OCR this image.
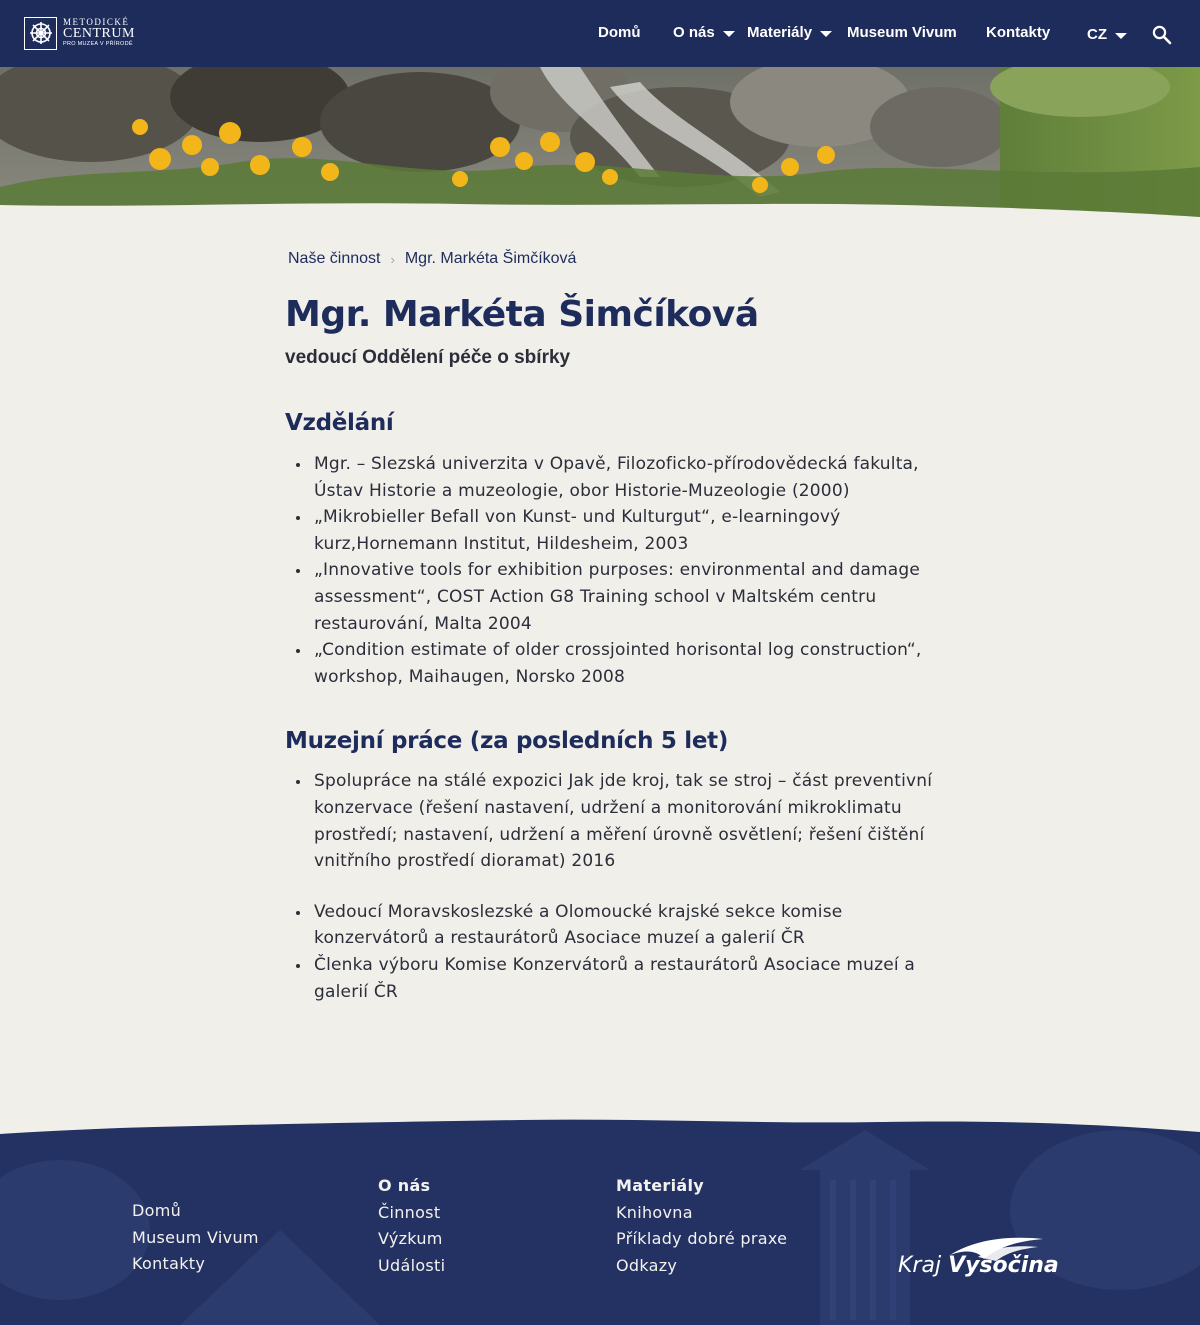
METODICKÉ
CENTRUM
PRO MUZEA V PŘÍRODĚ
Domů O nás Materiály Museum Vivum Kontakty CZ
Naše činnost › Mgr. Markéta Šimčíková
Mgr. Markéta Šimčíková

vedoucí Oddělení péče o sbírky

Vzdělání
Mgr. – Slezská univerzita v Opavě, Filozoficko-přírodovědecká fakulta, Ústav Historie a muzeologie, obor Historie-Muzeologie (2000)
„Mikrobieller Befall von Kunst- und Kulturgut“, e-learningový kurz,Hornemann Institut, Hildesheim, 2003
„Innovative tools for exhibition purposes: environmental and damage assessment“, COST Action G8 Training school v Maltském centru restaurování, Malta 2004
„Condition estimate of older crossjointed horisontal log construction“, workshop, Maihaugen, Norsko 2008
Muzejní práce (za posledních 5 let)
Spolupráce na stálé expozici Jak jde kroj, tak se stroj – část preventivní konzervace (řešení nastavení, udržení a monitorování mikroklimatu prostředí; nastavení, udržení a měření úrovně osvětlení; řešení čištění vnitřního prostředí dioramat) 2016
Vedoucí Moravskoslezské a Olomoucké krajské sekce komise konzervátorů a restaurátorů Asociace muzeí a galerií ČR
Členka výboru Komise Konzervátorů a restaurátorů Asociace muzeí a galerií ČR
Domů
Museum Vivum
Kontakty
O nás
Činnost
Výzkum
Události
Materiály
Knihovna
Příklady dobré praxe
Odkazy	Kraj Vysočina
